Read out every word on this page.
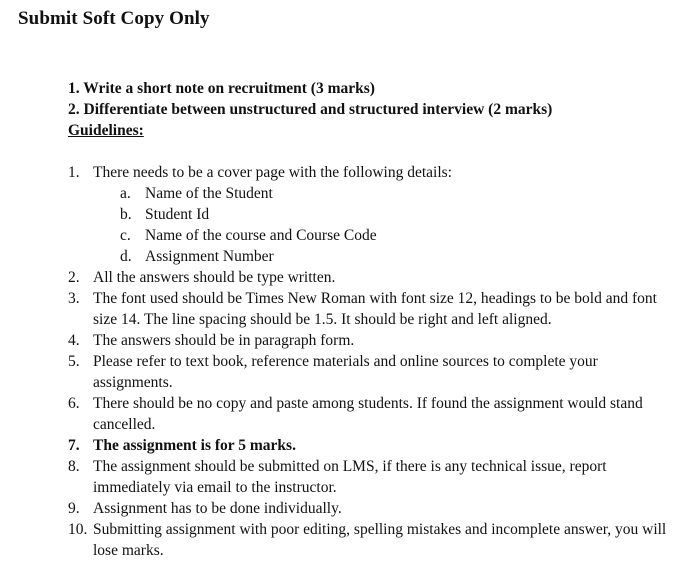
Submit Soft Copy Only
1. Write a short note on recruitment (3 marks)
2. Differentiate between unstructured and structured interview (2 marks)
Guidelines:
1. There needs to be a cover page with the following details:
a. Name of the Student
b. Student Id
c. Name of the course and Course Code
d. Assignment Number
2. All the answers should be type written.
3. The font used should be Times New Roman with font size 12, headings to be bold and font size 14. The line spacing should be 1.5. It should be right and left aligned.
4. The answers should be in paragraph form.
5. Please refer to text book, reference materials and online sources to complete your assignments.
6. There should be no copy and paste among students. If found the assignment would stand cancelled.
7. The assignment is for 5 marks.
8. The assignment should be submitted on LMS, if there is any technical issue, report immediately via email to the instructor.
9. Assignment has to be done individually.
10. Submitting assignment with poor editing, spelling mistakes and incomplete answer, you will lose marks.
